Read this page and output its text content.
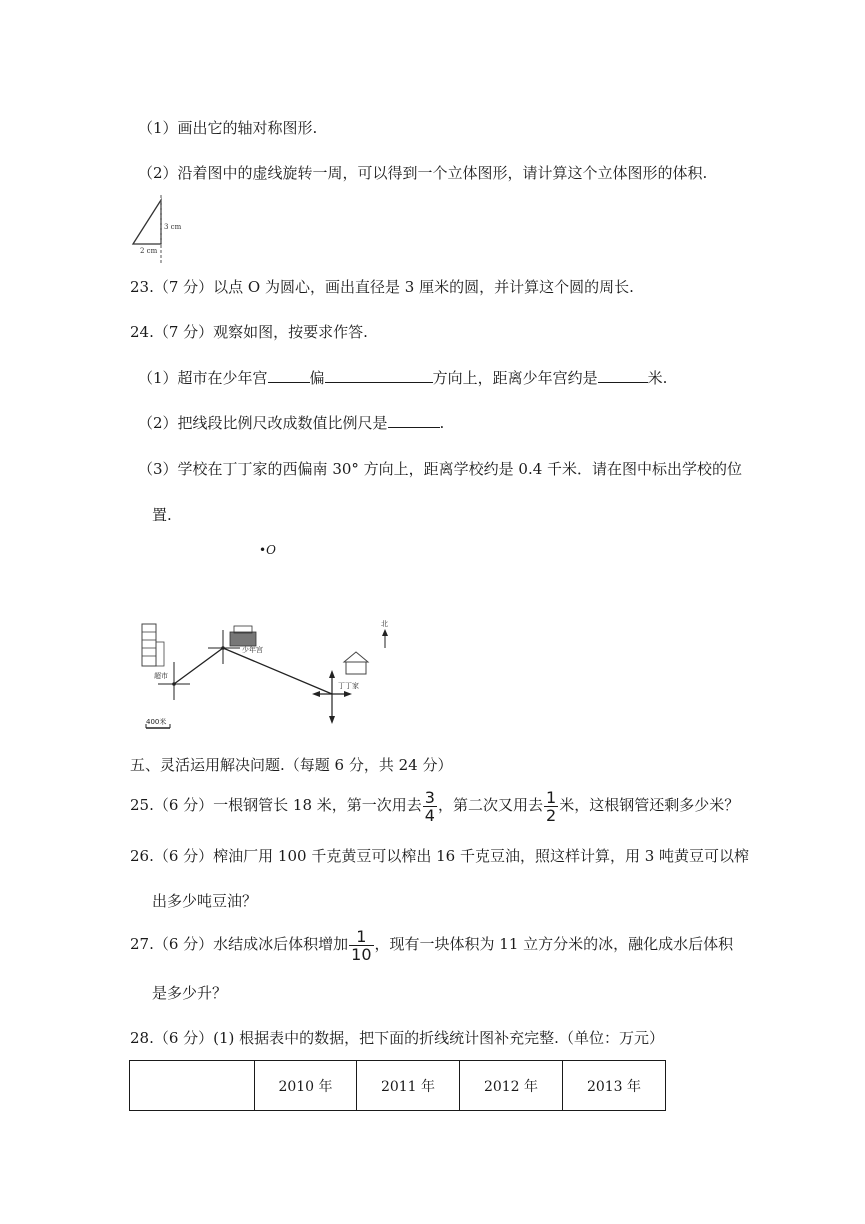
（1）画出它的轴对称图形.
（2）沿着图中的虚线旋转一周，可以得到一个立体图形，请计算这个立体图形的体积.
3 cm
2 cm
23.（7 分）以点 O 为圆心，画出直径是 3 厘米的圆，并计算这个圆的周长.
24.（7 分）观察如图，按要求作答.
（1）超市在少年宫	偏	方向上，距离少年宫约是	米.
（2）把线段比例尺改成数值比例尺是	.
（3）学校在丁丁家的西偏南 30° 方向上，距离学校约是 0.4 千米．请在图中标出学校的位
置.
•O
超市
少年宫
丁丁家
北
400米
五、灵活运用解决问题.（每题 6 分，共 24 分）
25.（6 分）一根钢管长 18 米，第一次用去 $\frac{3}{4}$ ，第二次又用去 $\frac{1}{2}$ 米，这根钢管还剩多少米？
26.（6 分）榨油厂用 100 千克黄豆可以榨出 16 千克豆油，照这样计算，用 3 吨黄豆可以榨
出多少吨豆油？
27.（6 分）水结成冰后体积增加 $\frac{1}{10}$ ，现有一块体积为 11 立方分米的冰，融化成水后体积
是多少升？
28.（6 分）(1) 根据表中的数据，把下面的折线统计图补充完整.（单位：万元）
	2010 年	2011 年	2012 年	2013 年
